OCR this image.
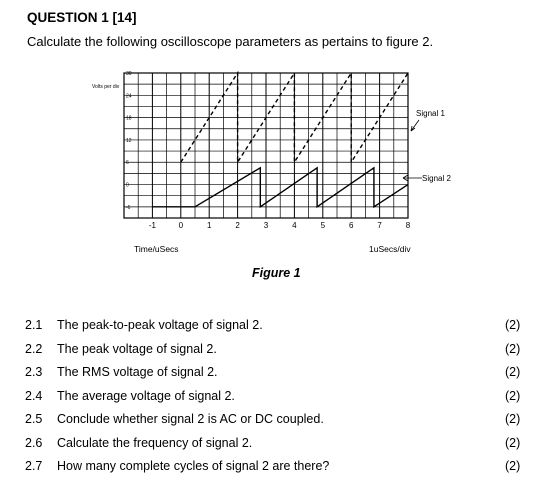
QUESTION 1 [14]
Calculate the following oscilloscope parameters as pertains to figure 2.
30
24
18
12
6
0
-6
-1	0	1	2	3	4	5	6	7	8
Volts per div
Time/uSecs	1uSecs/div
Signal 1
Signal 2
Figure 1
2.1 The peak-to-peak voltage of signal 2.	(2)
2.2 The peak voltage of signal 2.	(2)
2.3 The RMS voltage of signal 2.	(2)
2.4 The average voltage of signal 2.	(2)
2.5 Conclude whether signal 2 is AC or DC coupled.	(2)
2.6 Calculate the frequency of signal 2.	(2)
2.7 How many complete cycles of signal 2 are there?	(2)
